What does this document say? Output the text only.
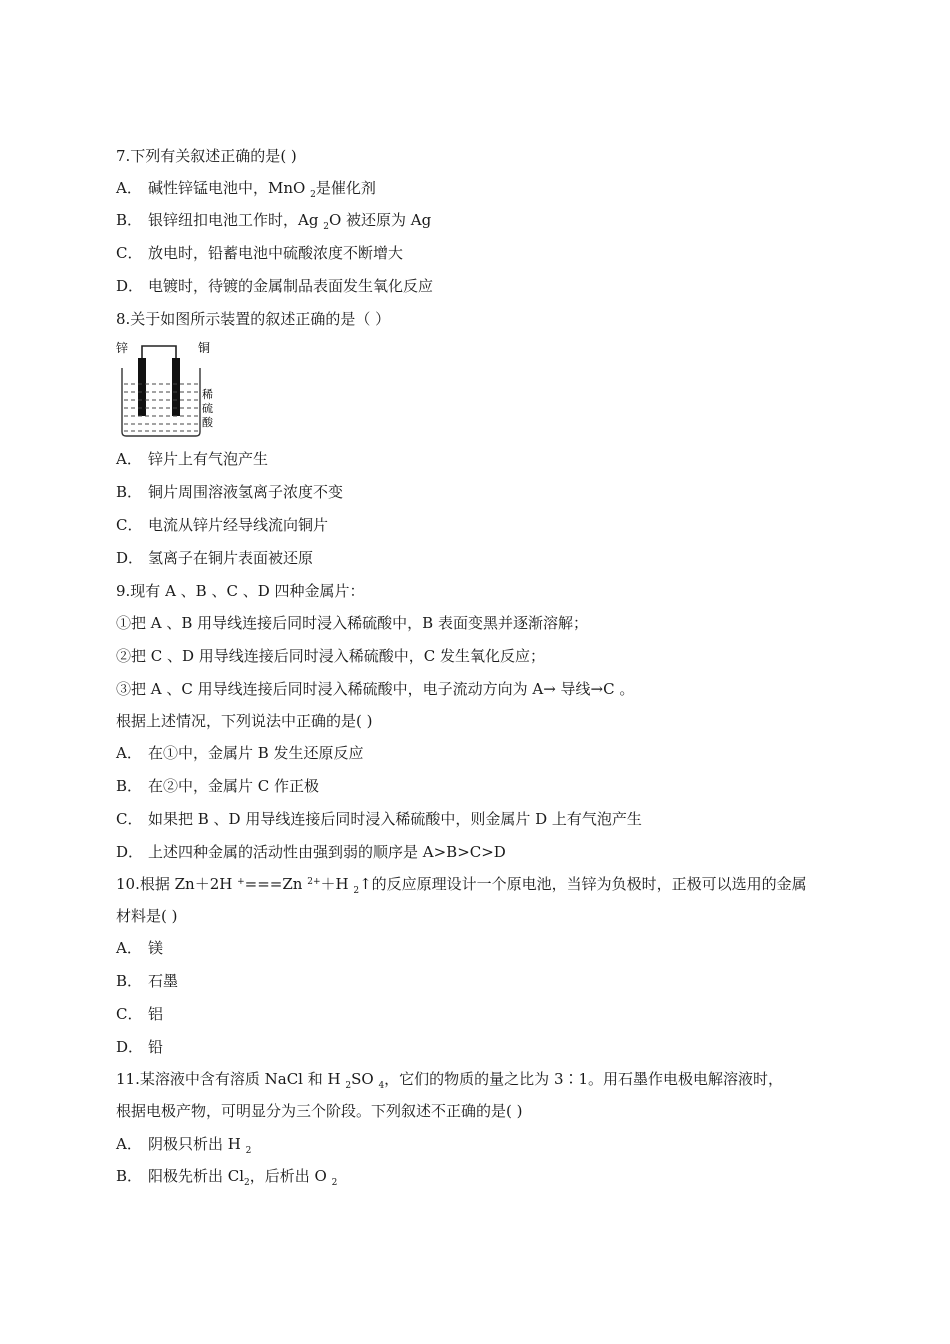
7.下列有关叙述正确的是( )
A． 碱性锌锰电池中，MnO $_2$是催化剂
B． 银锌纽扣电池工作时，Ag $_2$O 被还原为 Ag
C． 放电时，铅蓄电池中硫酸浓度不断增大
D． 电镀时，待镀的金属制品表面发生氧化反应
8.关于如图所示装置的叙述正确的是（ ）
锌	铜
稀
硫
酸
A． 锌片上有气泡产生
B． 铜片周围溶液氢离子浓度不变
C． 电流从锌片经导线流向铜片
D． 氢离子在铜片表面被还原
9.现有 A 、B 、C 、D 四种金属片：
①把 A 、B 用导线连接后同时浸入稀硫酸中，B 表面变黑并逐渐溶解；
②把 C 、D 用导线连接后同时浸入稀硫酸中，C 发生氧化反应；
③把 A 、C 用导线连接后同时浸入稀硫酸中，电子流动方向为 A→ 导线→C 。
根据上述情况，下列说法中正确的是( )
A． 在①中，金属片 B 发生还原反应
B． 在②中，金属片 C 作正极
C． 如果把 B 、D 用导线连接后同时浸入稀硫酸中，则金属片 D 上有气泡产生
D． 上述四种金属的活动性由强到弱的顺序是 A>B>C>D
10.根据 Zn＋2H +===Zn $^{2+}$＋H $_2$↑的反应原理设计一个原电池，当锌为负极时，正极可以选用的金属
材料是( )
A． 镁
B． 石墨
C． 铝
D． 铅
11.某溶液中含有溶质 NaCl 和 H $_2$SO $_4$，它们的物质的量之比为 3∶1。用石墨作电极电解溶液时，
根据电极产物，可明显分为三个阶段。下列叙述不正确的是( )
A． 阴极只析出 H $_2$
B． 阳极先析出 $Cl_2$，后析出 O $_2$
